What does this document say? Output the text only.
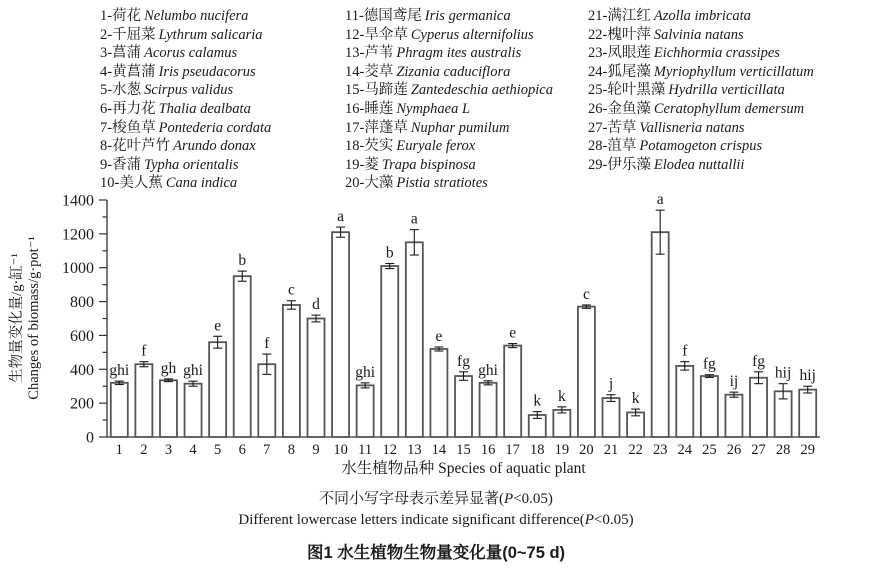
1-荷花 Nelumbo nucifera
2-千屈菜 Lythrum salicaria
3-菖蒲 Acorus calamus
4-黄菖蒲 Iris pseudacorus
5-水葱 Scirpus validus
6-再力花 Thalia dealbata
7-梭鱼草 Pontederia cordata
8-花叶芦竹 Arundo donax
9-香蒲 Typha orientalis
10-美人蕉 Cana indica
11-德国鸢尾 Iris germanica
12-旱伞草 Cyperus alternifolius
13-芦苇 Phragm ites australis
14-茭草 Zizania caduciflora
15-马蹄莲 Zantedeschia aethiopica
16-睡莲 Nymphaea L
17-萍蓬草 Nuphar pumilum
18-芡实 Euryale ferox
19-菱 Trapa bispinosa
20-大藻 Pistia stratiotes
21-满江红 Azolla imbricata
22-槐叶萍 Salvinia natans
23-凤眼莲 Eichhormia crassipes
24-狐尾藻 Myriophyllum verticillatum
25-轮叶黑藻 Hydrilla verticillata
26-金鱼藻 Ceratophyllum demersum
27-苦草 Vallisneria natans
28-菹草 Potamogeton crispus
29-伊乐藻 Elodea nuttallii
生物量变化量/g·缸⁻¹ Changes of biomass/g·pot⁻¹
0
200
400
600
800
1000
1200
1400
ghi
1
f
2
gh
3
ghi
4
e
5
b
6
f
7
c
8
d
9
a
10
ghi
11
b
12
a
13
e
14
fg
15
ghi
16
e
17
k
18
k
19
c
20
j
21
k
22
a
23
f
24
fg
25
ij
26
fg
27
hij
28
hij
29
水生植物品种 Species of aquatic plant
不同小写字母表示差异显著(P<0.05)
Different lowercase letters indicate significant difference(P<0.05)
图1 水生植物生物量变化量(0~75 d)
